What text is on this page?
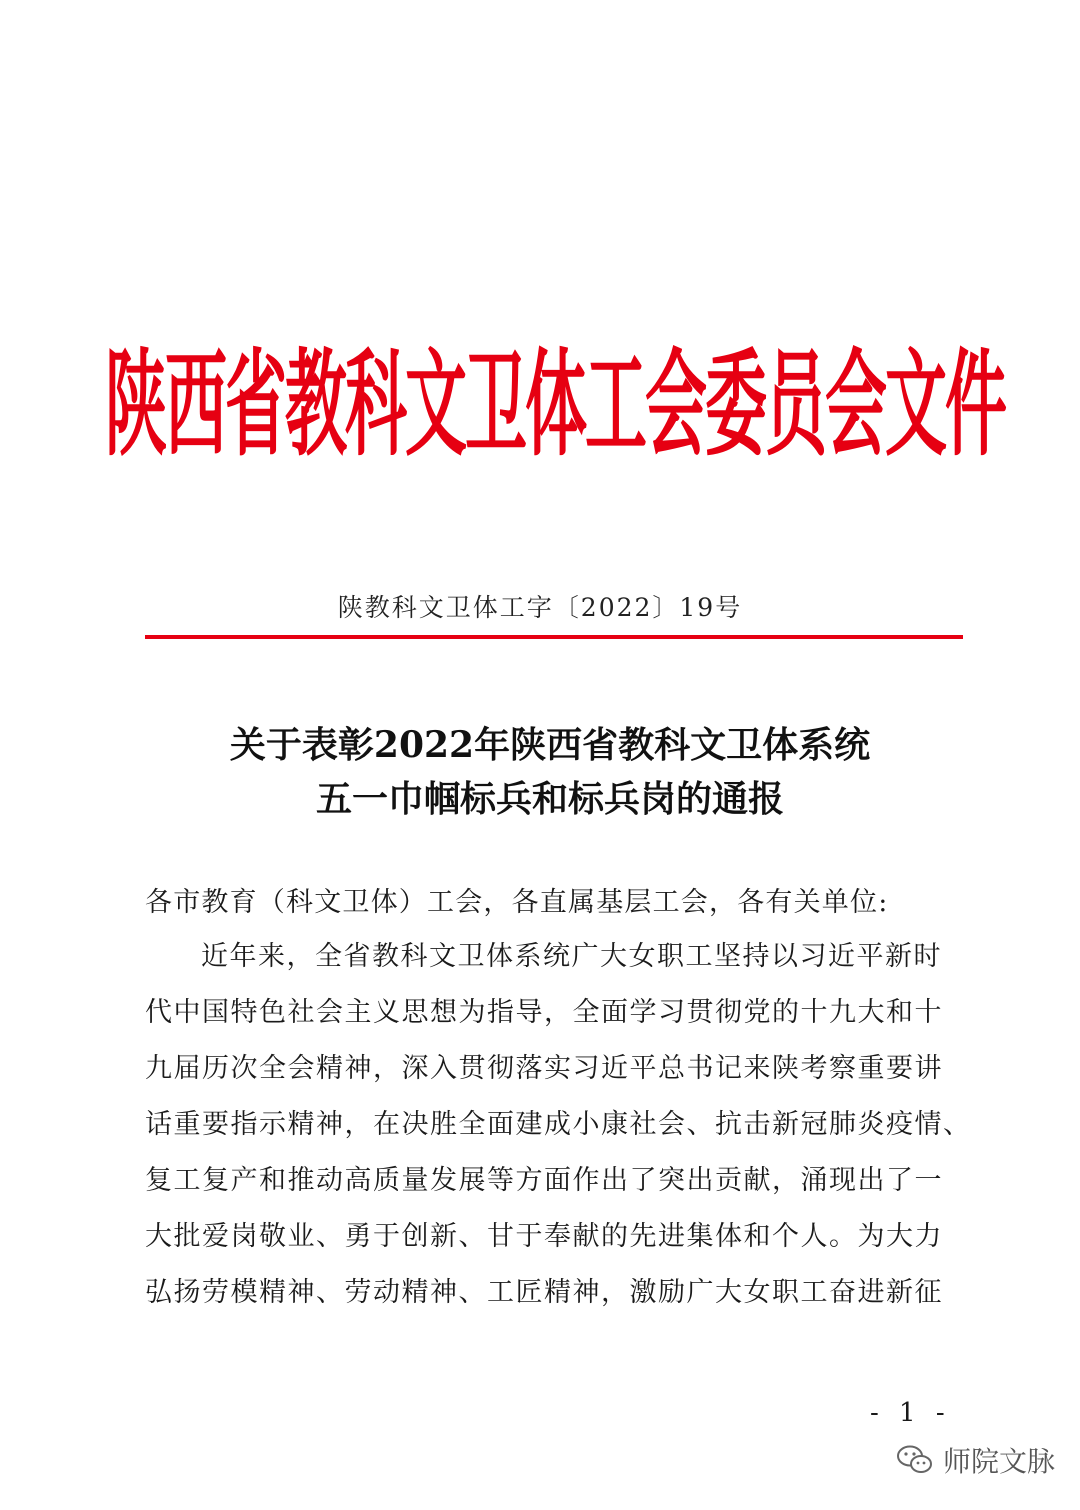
陕西省教科文卫体工会委员会文件
陕教科文卫体工字〔2022〕19号
关于表彰2022年陕西省教科文卫体系统
五一巾帼标兵和标兵岗的通报
各市教育（科文卫体）工会，各直属基层工会，各有关单位:
近年来，全省教科文卫体系统广大女职工坚持以习近平新时
代中国特色社会主义思想为指导，全面学习贯彻党的十九大和十
九届历次全会精神，深入贯彻落实习近平总书记来陕考察重要讲
话重要指示精神，在决胜全面建成小康社会、抗击新冠肺炎疫情、
复工复产和推动高质量发展等方面作出了突出贡献，涌现出了一
大批爱岗敬业、勇于创新、甘于奉献的先进集体和个人。为大力
弘扬劳模精神、劳动精神、工匠精神，激励广大女职工奋进新征
- 1 -
师院文脉
